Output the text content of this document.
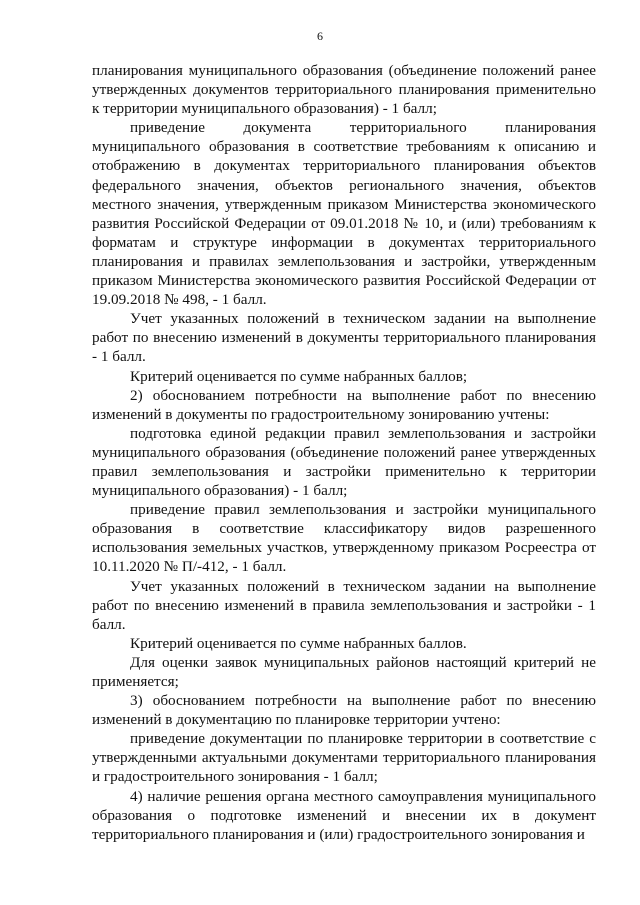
6

планирования муниципального образования (объединение положений ранее утвержденных документов территориального планирования применительно к территории муниципального образования) - 1 балл;

приведение документа территориального планирования муниципального образования в соответствие требованиям к описанию и отображению в документах территориального планирования объектов федерального значения, объектов регионального значения, объектов местного значения, утвержденным приказом Министерства экономического развития Российской Федерации от 09.01.2018 № 10, и (или) требованиям к форматам и структуре информации в документах территориального планирования и правилах землепользования и застройки, утвержденным приказом Министерства экономического развития Российской Федерации от 19.09.2018 № 498, - 1 балл.

Учет указанных положений в техническом задании на выполнение работ по внесению изменений в документы территориального планирования - 1 балл.

Критерий оценивается по сумме набранных баллов;

2) обоснованием потребности на выполнение работ по внесению изменений в документы по градостроительному зонированию учтены:

подготовка единой редакции правил землепользования и застройки муниципального образования (объединение положений ранее утвержденных правил землепользования и застройки применительно к территории муниципального образования) - 1 балл;

приведение правил землепользования и застройки муниципального образования в соответствие классификатору видов разрешенного использования земельных участков, утвержденному приказом Росреестра от 10.11.2020 № П/-412, - 1 балл.

Учет указанных положений в техническом задании на выполнение работ по внесению изменений в правила землепользования и застройки - 1 балл.

Критерий оценивается по сумме набранных баллов.

Для оценки заявок муниципальных районов настоящий критерий не применяется;

3) обоснованием потребности на выполнение работ по внесению изменений в документацию по планировке территории учтено:

приведение документации по планировке территории в соответствие с утвержденными актуальными документами территориального планирования и градостроительного зонирования - 1 балл;

4) наличие решения органа местного самоуправления муниципального образования о подготовке изменений и внесении их в документ территориального планирования и (или) градостроительного зонирования и
